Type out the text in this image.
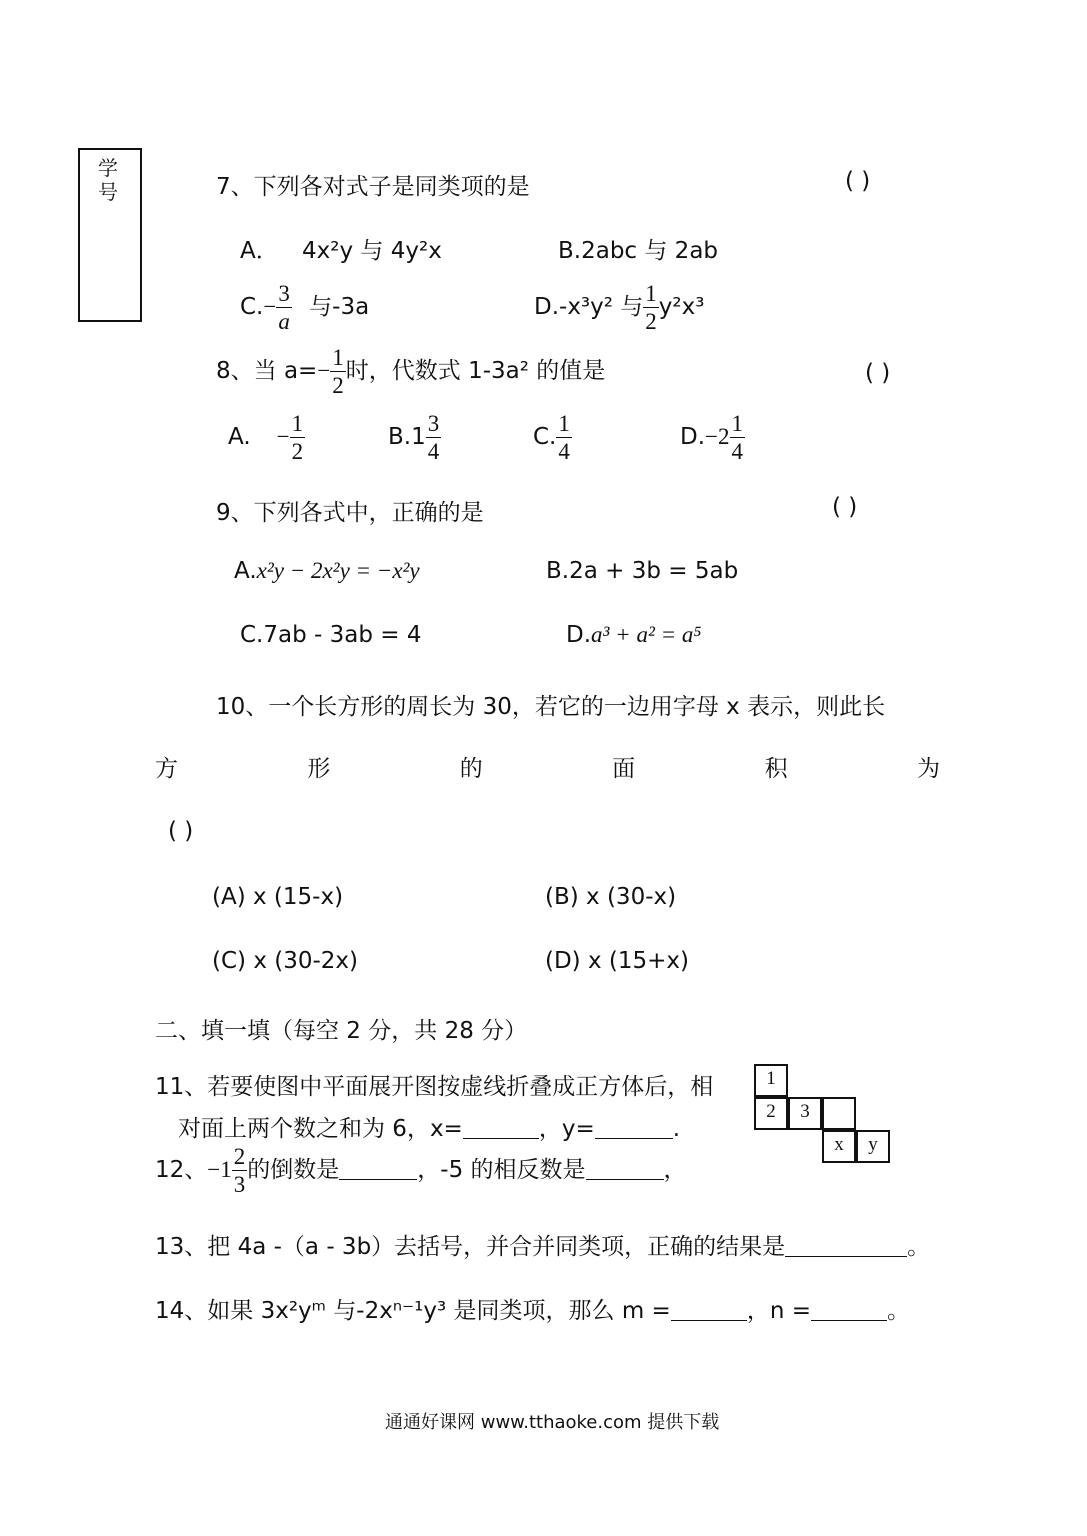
学号	7、下列各对式子是同类项的是	( )
A． 4x²y 与 4y²x	B.2abc 与 2ab
$C.- \frac{3}{a}$ 与-3a	D.-x³y² 与 $\frac{1}{2} y^2x^3$
8、当 $a=- \frac{1}{2}$ 时，代数式 1-3a² 的值是	( )
A. − $\frac{1}{2}$	$B.1 \frac{3}{4}$	C. $\frac{1}{4}$	$D.-2 \frac{1}{4}$
9、下列各式中，正确的是	( )
A.x²y − 2x²y = −x²y	B.2a + 3b = 5ab
C.7ab - 3ab = 4	D.a³ + a² = a⁵
10、一个长方形的周长为 30，若它的一边用字母 x 表示，则此长
方	形	的	面	积	为
( )
(A) x (15-x)	(B) x (30-x)
(C) x (30-2x)	(D) x (15+x)
二、填一填（每空 2 分，共 28 分）
11、若要使图中平面展开图按虚线折叠成正方体后，相
对面上两个数之和为 6，x=	，y=	.
1
2	3
x	y
12、$-1 \frac{2}{3}$ 的倒数是	，-5 的相反数是	，
13、把 4a -（a - 3b）去括号，并合并同类项，正确的结果是	。
14、如果 3x²yᵐ 与-2xⁿ⁻¹y³ 是同类项，那么 m =	，n =	。
通通好课网 www.tthaoke.com 提供下载
